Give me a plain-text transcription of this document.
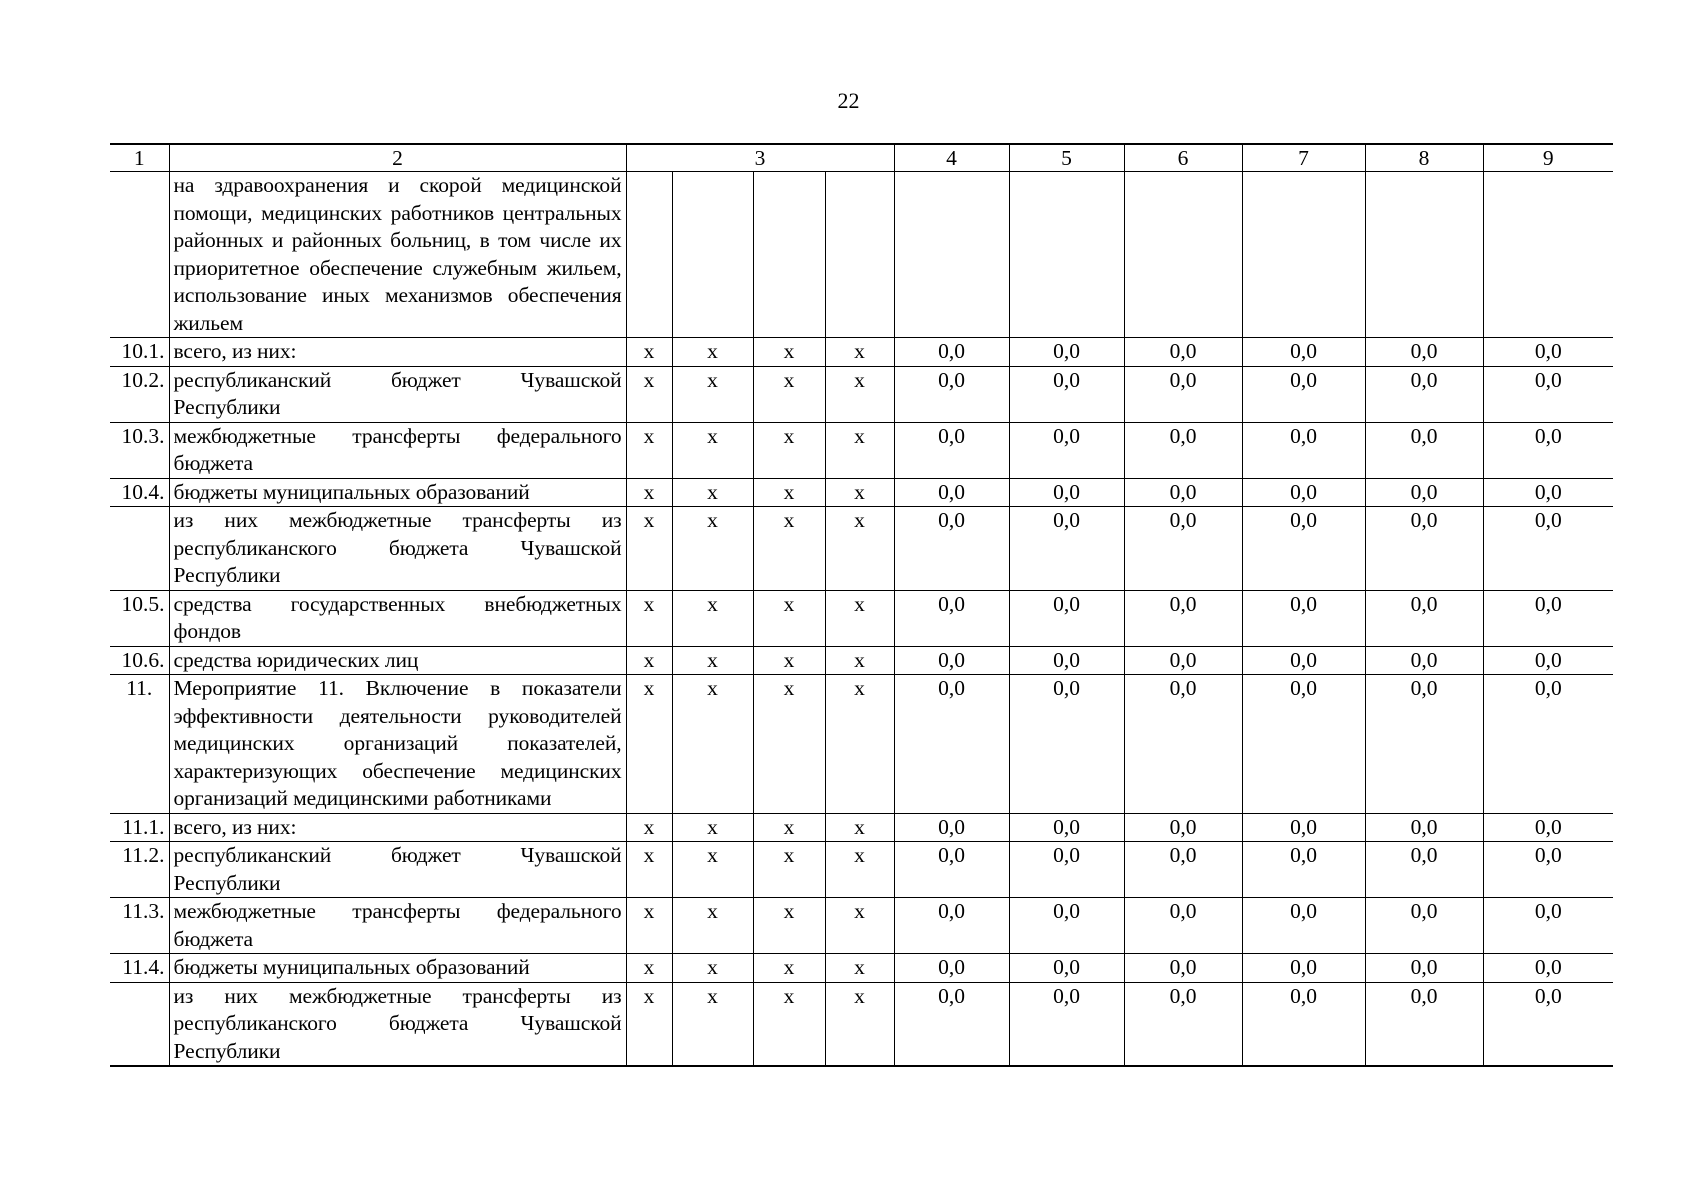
22
1	2	3				4	5	6	7	8	9
	на здравоохранения и скорой медицинской помощи, медицинских работников центральных районных и районных больниц, в том числе их приоритетное обеспечение служебным жильем, использование иных механизмов обеспечения жильем										
10.1.	всего, из них:	x	x	x	x	0,0	0,0	0,0	0,0	0,0	0,0
10.2.	республиканский бюджет Чувашской Республики	x	x	x	x	0,0	0,0	0,0	0,0	0,0	0,0
10.3.	межбюджетные трансферты федерального бюджета	x	x	x	x	0,0	0,0	0,0	0,0	0,0	0,0
10.4.	бюджеты муниципальных образований	x	x	x	x	0,0	0,0	0,0	0,0	0,0	0,0
	из них межбюджетные трансферты из республиканского бюджета Чувашской Республики	x	x	x	x	0,0	0,0	0,0	0,0	0,0	0,0
10.5.	средства государственных внебюджетных фондов	x	x	x	x	0,0	0,0	0,0	0,0	0,0	0,0
10.6.	средства юридических лиц	x	x	x	x	0,0	0,0	0,0	0,0	0,0	0,0
11.	Мероприятие 11. Включение в показатели эффективности деятельности руководителей медицинских организаций показателей, характеризующих обеспечение медицинских организаций медицинскими работниками	x	x	x	x	0,0	0,0	0,0	0,0	0,0	0,0
11.1.	всего, из них:	x	x	x	x	0,0	0,0	0,0	0,0	0,0	0,0
11.2.	республиканский бюджет Чувашской Республики	x	x	x	x	0,0	0,0	0,0	0,0	0,0	0,0
11.3.	межбюджетные трансферты федерального бюджета	x	x	x	x	0,0	0,0	0,0	0,0	0,0	0,0
11.4.	бюджеты муниципальных образований	x	x	x	x	0,0	0,0	0,0	0,0	0,0	0,0
	из них межбюджетные трансферты из республиканского бюджета Чувашской Республики	x	x	x	x	0,0	0,0	0,0	0,0	0,0	0,0
